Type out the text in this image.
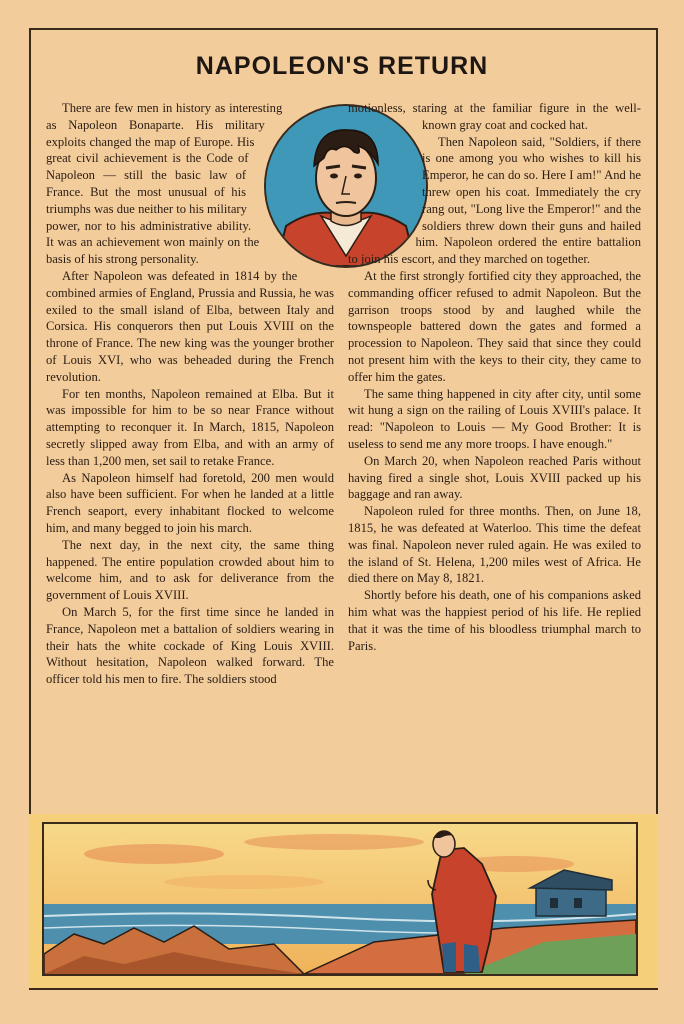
NAPOLEON'S RETURN

There are few men in history as interesting as Napoleon Bonaparte. His military exploits changed the map of Europe. His great civil achievement is the Code of Napoleon — still the basic law of France. But the most unusual of his triumphs was due neither to his military power, nor to his administrative ability. It was an achievement won mainly on the basis of his strong personality.

After Napoleon was defeated in 1814 by the combined armies of England, Prussia and Russia, he was exiled to the small island of Elba, between Italy and Corsica. His conquerors then put Louis XVIII on the throne of France. The new king was the younger brother of Louis XVI, who was beheaded during the French revolution.

For ten months, Napoleon remained at Elba. But it was impossible for him to be so near France without attempting to reconquer it. In March, 1815, Napoleon secretly slipped away from Elba, and with an army of less than 1,200 men, set sail to retake France.

As Napoleon himself had foretold, 200 men would also have been sufficient. For when he landed at a little French seaport, every inhabitant flocked to welcome him, and many begged to join his march.

The next day, in the next city, the same thing happened. The entire population crowded about him to welcome him, and to ask for deliverance from the government of Louis XVIII.

On March 5, for the first time since he landed in France, Napoleon met a battalion of soldiers wearing in their hats the white cockade of King Louis XVIII. Without hesitation, Napoleon walked forward. The officer told his men to fire. The soldiers stood

motionless, staring at the familiar figure in the well-known gray coat and cocked hat.

Then Napoleon said, "Soldiers, if there is one among you who wishes to kill his Emperor, he can do so. Here I am!" And he threw open his coat. Immediately the cry rang out, "Long live the Emperor!" and the soldiers threw down their guns and hailed him. Napoleon ordered the entire battalion to join his escort, and they marched on together.

At the first strongly fortified city they approached, the commanding officer refused to admit Napoleon. But the garrison troops stood by and laughed while the townspeople battered down the gates and formed a procession to Napoleon. They said that since they could not present him with the keys to their city, they came to offer him the gates.

The same thing happened in city after city, until some wit hung a sign on the railing of Louis XVIII's palace. It read: "Napoleon to Louis — My Good Brother: It is useless to send me any more troops. I have enough."

On March 20, when Napoleon reached Paris without having fired a single shot, Louis XVIII packed up his baggage and ran away.

Napoleon ruled for three months. Then, on June 18, 1815, he was defeated at Waterloo. This time the defeat was final. Napoleon never ruled again. He was exiled to the island of St. Helena, 1,200 miles west of Africa. He died there on May 8, 1821.

Shortly before his death, one of his companions asked him what was the happiest period of his life. He replied that it was the time of his bloodless triumphal march to Paris.
